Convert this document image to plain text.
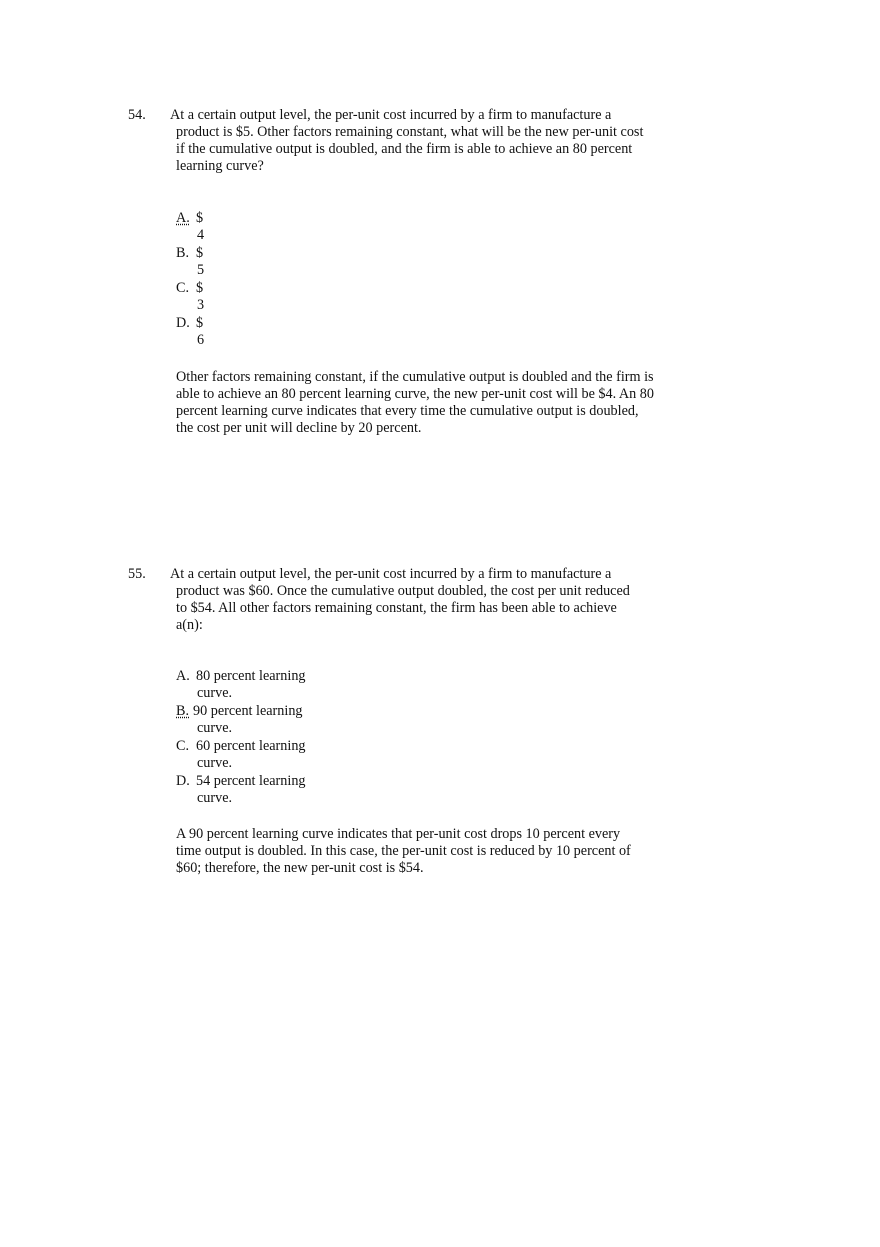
54. At a certain output level, the per-unit cost incurred by a firm to manufacture a
product is $5. Other factors remaining constant, what will be the new per-unit cost if the cumulative output is doubled, and the firm is able to achieve an 80 percent learning curve?
A. $
4
B. $
5
C. $
3
D. $
6
Other factors remaining constant, if the cumulative output is doubled and the firm is able to achieve an 80 percent learning curve, the new per-unit cost will be $4. An 80 percent learning curve indicates that every time the cumulative output is doubled, the cost per unit will decline by 20 percent.
55. At a certain output level, the per-unit cost incurred by a firm to manufacture a
product was $60. Once the cumulative output doubled, the cost per unit reduced to $54. All other factors remaining constant, the firm has been able to achieve a(n):
A. 80 percent learning
curve.
B. 90 percent learning
curve.
C. 60 percent learning
curve.
D. 54 percent learning
curve.
A 90 percent learning curve indicates that per-unit cost drops 10 percent every time output is doubled. In this case, the per-unit cost is reduced by 10 percent of $60; therefore, the new per-unit cost is $54.
